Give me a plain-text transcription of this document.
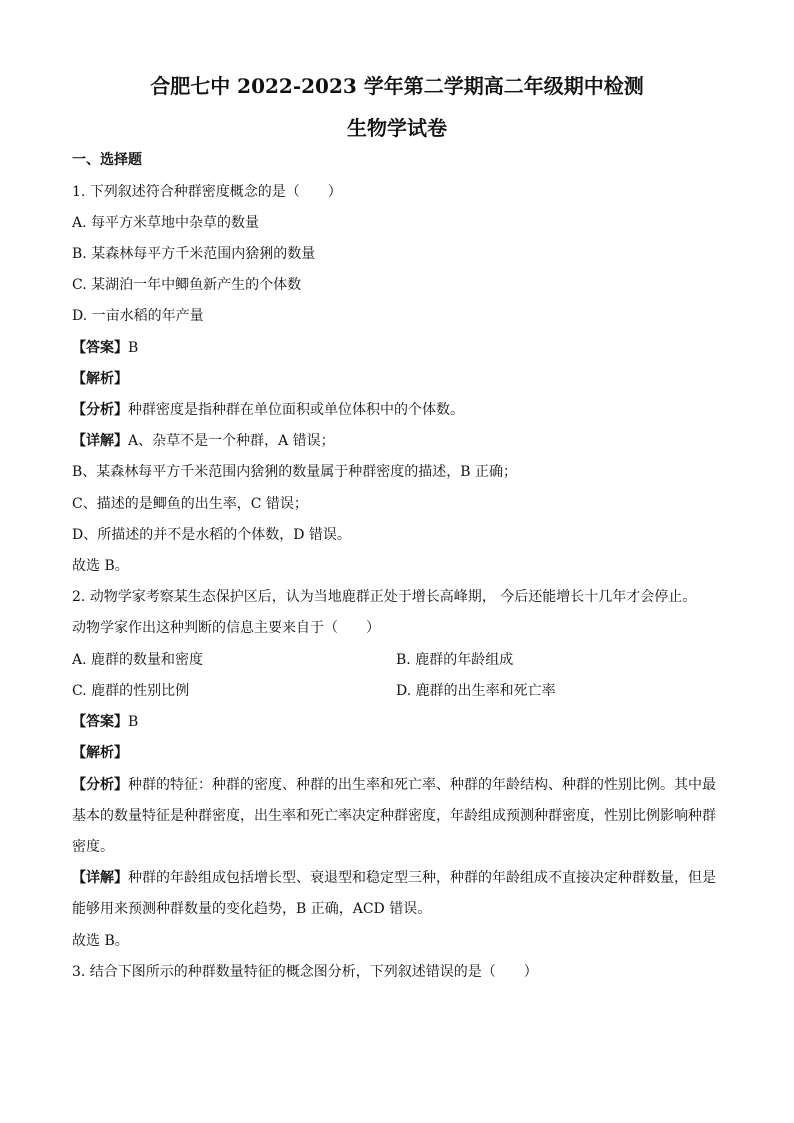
合肥七中 2022-2023 学年第二学期高二年级期中检测
生物学试卷
一、选择题
1. 下列叙述符合种群密度概念的是（　　）
A. 每平方米草地中杂草的数量
B. 某森林每平方千米范围内猞猁的数量
C. 某湖泊一年中鲫鱼新产生的个体数
D. 一亩水稻的年产量
【答案】B
【解析】
【分析】种群密度是指种群在单位面积或单位体积中的个体数。
【详解】A、杂草不是一个种群，A 错误；
B、某森林每平方千米范围内猞猁的数量属于种群密度的描述，B 正确；
C、描述的是鲫鱼的出生率，C 错误；
D、所描述的并不是水稻的个体数，D 错误。
故选 B。
2. 动物学家考察某生态保护区后，认为当地鹿群正处于增长高峰期， 今后还能增长十几年才会停止。
动物学家作出这种判断的信息主要来自于（　　）
A. 鹿群的数量和密度	B. 鹿群的年龄组成
C. 鹿群的性别比例	D. 鹿群的出生率和死亡率
【答案】B
【解析】
【分析】种群的特征：种群的密度、种群的出生率和死亡率、种群的年龄结构、种群的性别比例。其中最
基本的数量特征是种群密度，出生率和死亡率决定种群密度，年龄组成预测种群密度，性别比例影响种群
密度。
【详解】种群的年龄组成包括增长型、衰退型和稳定型三种，种群的年龄组成不直接决定种群数量，但是
能够用来预测种群数量的变化趋势，B 正确，ACD 错误。
故选 B。
3. 结合下图所示的种群数量特征的概念图分析，下列叙述错误的是（　　）
